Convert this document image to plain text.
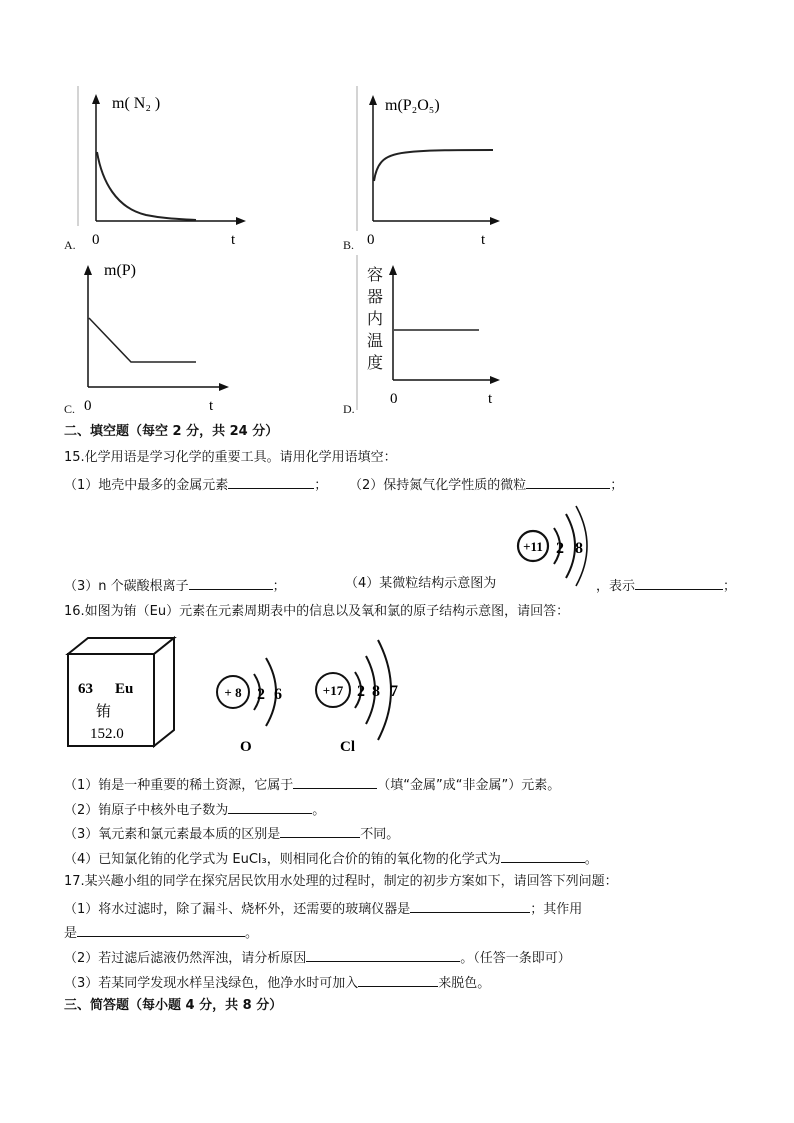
A.
m( N₂ )
0	t	B.
m(P₂O₅)
0	t
C.
m(P)
0	t	D.
0	t
容
器
内
温
度
二、填空题（每空 2 分，共 24 分）
15.化学用语是学习化学的重要工具。请用化学用语填空：
（1）地壳中最多的金属元素	； （2）保持氮气化学性质的微粒	；
+11 2 8
（3）n 个碳酸根离子	；	（4）某微粒结构示意图为	，表示	；
16.如图为铕（Eu）元素在元素周期表中的信息以及氧和氯的原子结构示意图，请回答：
63 Eu
铕
152.0
+ 8 2 6
O
+17 2 8 7
Cl
（1）铕是一种重要的稀土资源，它属于	（填“金属”成“非金属”）元素。
（2）铕原子中核外电子数为	。
（3）氧元素和氯元素最本质的区别是	不同。
（4）已知氯化铕的化学式为 EuCl₃，则相同化合价的铕的氧化物的化学式为	。
17.某兴趣小组的同学在探究居民饮用水处理的过程时，制定的初步方案如下，请回答下列问题：
（1）将水过滤时，除了漏斗、烧杯外，还需要的玻璃仪器是	；其作用
是	。
（2）若过滤后滤液仍然浑浊，请分析原因	。（任答一条即可）
（3）若某同学发现水样呈浅绿色，他净水时可加入	来脱色。
三、简答题（每小题 4 分，共 8 分）
